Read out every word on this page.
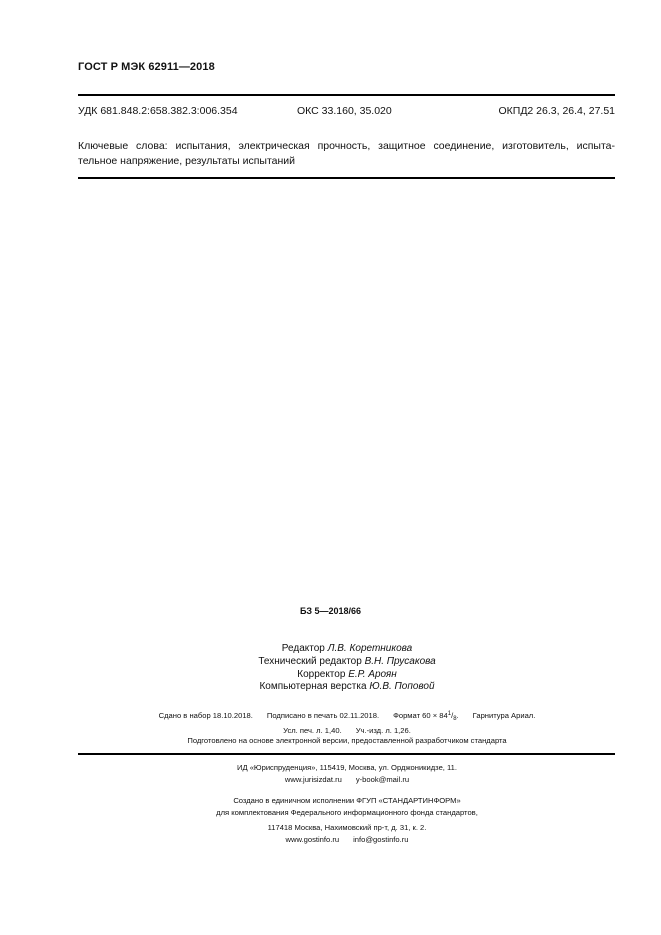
ГОСТ Р МЭК 62911—2018
УДК 681.848.2:658.382.3:006.354	ОКС 33.160, 35.020	ОКПД2 26.3, 26.4, 27.51
Ключевые слова: испытания, электрическая прочность, защитное соединение, изготовитель, испыта-
тельное напряжение, результаты испытаний
БЗ 5—2018/66
Редактор Л.В. Коретникова
Технический редактор В.Н. Прусакова
Корректор Е.Р. Ароян
Компьютерная верстка Ю.В. Поповой
Сдано в набор 18.10.2018. Подписано в печать 02.11.2018. Формат $60 \times 84^1/_8$. Гарнитура Ариал.
Усл. печ. л. 1,40. Уч.-изд. л. 1,26.
Подготовлено на основе электронной версии, предоставленной разработчиком стандарта
ИД «Юриспруденция», 115419, Москва, ул. Орджоникидзе, 11.
www.jurisizdat.ru y-book@mail.ru
Создано в единичном исполнении ФГУП «СТАНДАРТИНФОРМ»
для комплектования Федерального информационного фонда стандартов,
117418 Москва, Нахимовский пр-т, д. 31, к. 2.
www.gostinfo.ru info@gostinfo.ru
